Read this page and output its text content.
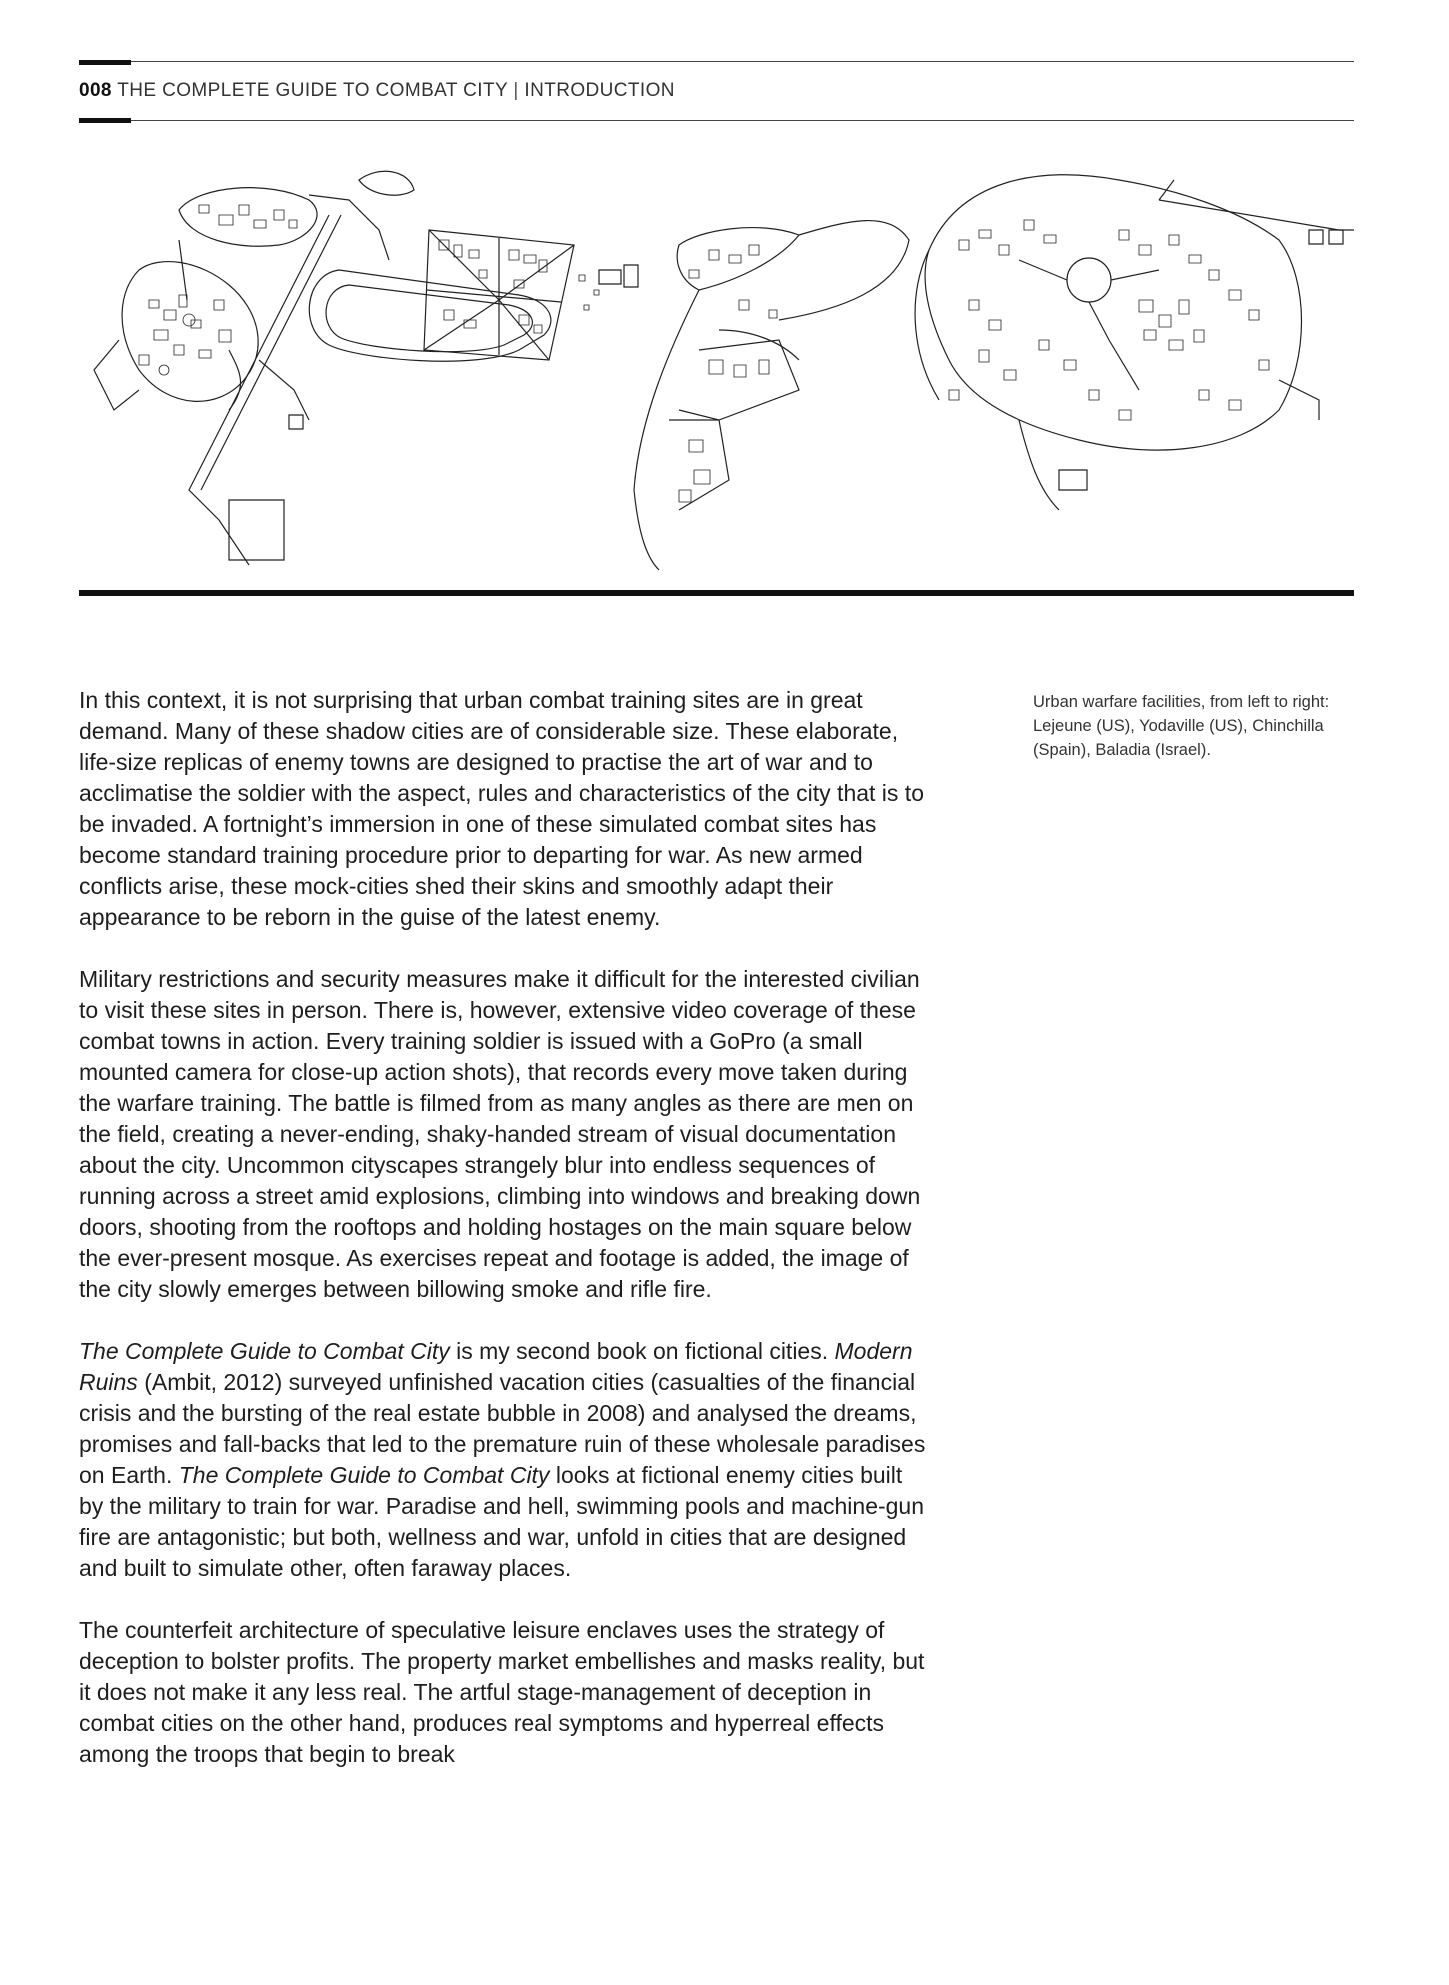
008 THE COMPLETE GUIDE TO COMBAT CITY | INTRODUCTION

In this context, it is not surprising that urban combat training sites are in great demand. Many of these shadow cities are of considerable size. These elaborate, life-size replicas of enemy towns are designed to practise the art of war and to acclimatise the soldier with the aspect, rules and characteristics of the city that is to be invaded. A fortnight’s immersion in one of these simulated combat sites has become standard training procedure prior to departing for war. As new armed conflicts arise, these mock-cities shed their skins and smoothly adapt their appearance to be reborn in the guise of the latest enemy.

Military restrictions and security measures make it difficult for the interested civilian to visit these sites in person. There is, however, extensive video coverage of these combat towns in action. Every training soldier is issued with a GoPro (a small mounted camera for close-up action shots), that records every move taken during the warfare training. The battle is filmed from as many angles as there are men on the field, creating a never-ending, shaky-handed stream of visual documentation about the city. Uncommon cityscapes strangely blur into endless sequences of running across a street amid explosions, climbing into windows and breaking down doors, shooting from the rooftops and holding hostages on the main square below the ever-present mosque. As exercises repeat and footage is added, the image of the city slowly emerges between billowing smoke and rifle fire.

The Complete Guide to Combat City is my second book on fictional cities. Modern Ruins (Ambit, 2012) surveyed unfinished vacation cities (casualties of the financial crisis and the bursting of the real estate bubble in 2008) and analysed the dreams, promises and fall-backs that led to the premature ruin of these wholesale paradises on Earth. The Complete Guide to Combat City looks at fictional enemy cities built by the military to train for war. Paradise and hell, swimming pools and machine-gun fire are antagonistic; but both, wellness and war, unfold in cities that are designed and built to simulate other, often faraway places.

The counterfeit architecture of speculative leisure enclaves uses the strategy of deception to bolster profits. The property market embellishes and masks reality, but it does not make it any less real. The artful stage-management of deception in combat cities on the other hand, produces real symptoms and hyperreal effects among the troops that begin to break

Urban warfare facilities, from left to right: Lejeune (US), Yodaville (US), Chinchilla (Spain), Baladia (Israel).
